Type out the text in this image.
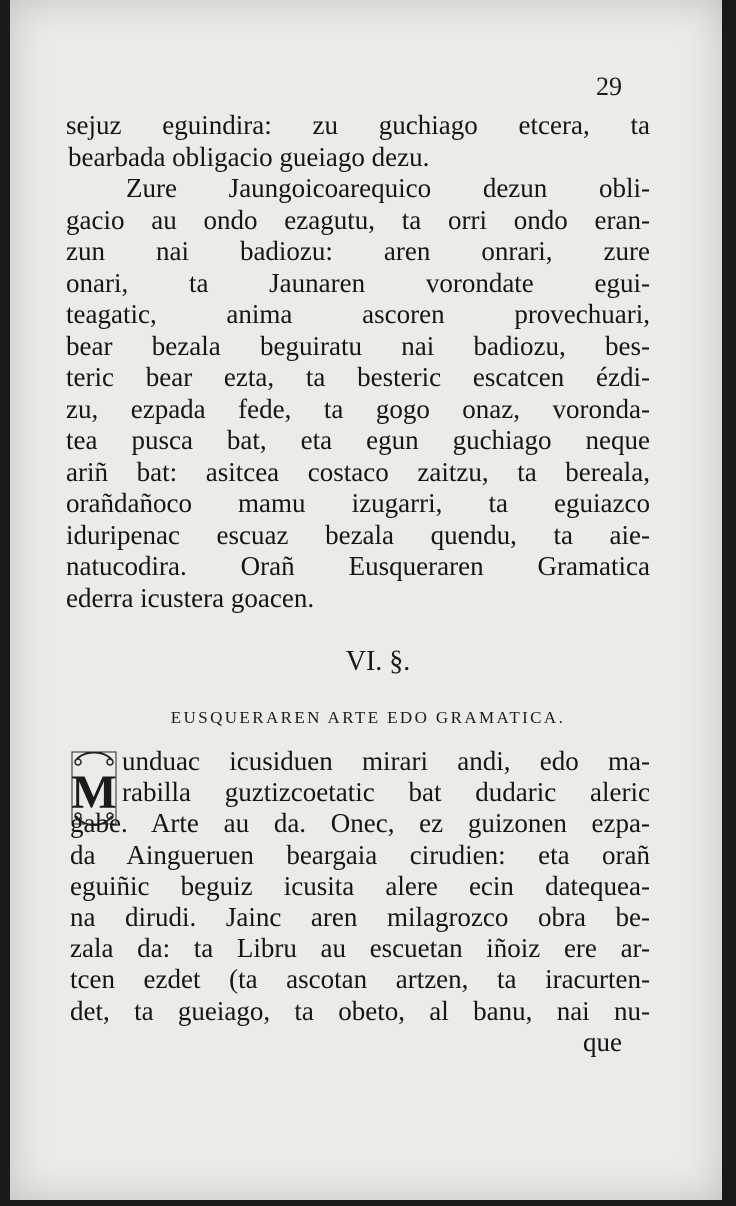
29
sejuz eguindira: zu guchiago etcera, ta
bearbada obligacio gueiago dezu.
Zure Jaungoicoarequico dezun obli-
gacio au ondo ezagutu, ta orri ondo eran-
zun nai badiozu: aren onrari, zure
onari, ta Jaunaren vorondate egui-
teagatic, anima ascoren provechuari,
bear bezala beguiratu nai badiozu, bes-
teric bear ezta, ta besteric escatcen ézdi-
zu, ezpada fede, ta gogo onaz, voronda-
tea pusca bat, eta egun guchiago neque
ariñ bat: asitcea costaco zaitzu, ta bereala,
orañdañoco mamu izugarri, ta eguiazco
iduripenac escuaz bezala quendu, ta aie-
natucodira. Orañ Eusqueraren Gramatica
ederra icustera goacen.
VI. §.
EUSQUERAREN ARTE EDO GRAMATICA.
M
unduac icusiduen mirari andi, edo ma-
rabilla guztizcoetatic bat dudaric aleric
gabe. Arte au da. Onec, ez guizonen ezpa-
da Ainguerue​n beargaia cirudien: eta orañ
eguiñic beguiz icusita alere ecin datequea-
na dirudi. Jainc aren milagrozco obra be-
zala da: ta Libru au escuetan iñoiz ere ar-
tcen ezdet (ta ascotan artzen, ta iracurten-
det, ta gueiago, ta obeto, al banu, nai nu-
que
